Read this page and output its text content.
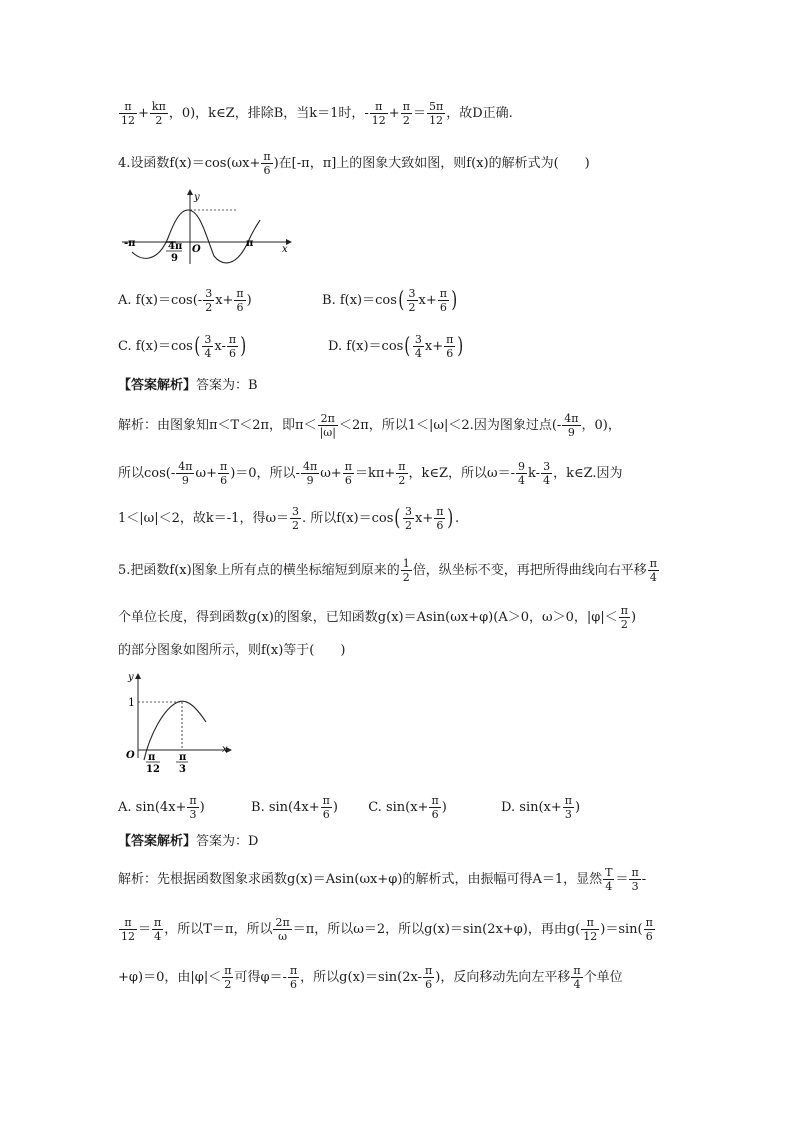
$\frac{\pi}{12} + \frac{k\pi}{2}$ ，0)，k∈Z，排除B，当k＝1时，- $\frac{\pi}{12} + \frac{\pi}{2} = \frac{5\pi}{12}$ ，故D正确.
4.设函数$f(x)=\cos(\omega x+ \frac{\pi}{6}$ )在[-π，π]上的图象大致如图，则f(x)的解析式为(　　)
y
x
O
-π	π
4π
9
A. $f(x)=\cos(- \frac{3}{2} x+ \frac{\pi}{6}$ )	B. $f(x)=\cos( \frac{3}{2} x+ \frac{\pi}{6}$ )
C. $f(x)=\cos( \frac{3}{4} x- \frac{\pi}{6}$ )	D. $f(x)=\cos( \frac{3}{4} x+ \frac{\pi}{6}$ )
【答案解析】答案为：B
解析：由图象知π＜T＜2π，即$\pi< \frac{2\pi}{|\omega|} <2\pi$，所以1＜|ω|＜2.因为图象过点(- $\frac{4\pi}{9}$ ，0)，
所以$\cos(- \frac{4\pi}{9} \omega+ \frac{\pi}{6} )=0$，所以- $\frac{4\pi}{9} \omega+ \frac{\pi}{6} =k\pi+ \frac{\pi}{2}$ ，k∈Z，所以$\omega=- \frac{9}{4} k- \frac{3}{4}$ ，k∈Z.因为
1＜|ω|＜2，故k＝-1，得$\omega= \frac{3}{2}$ . 所以$f(x)=\cos( \frac{3}{2} x+ \frac{\pi}{6}$ ).
5.把函数f(x)图象上所有点的横坐标缩短到原来的 $\frac{1}{2}$ 倍，纵坐标不变，再把所得曲线向右平移 $\frac{\pi}{4}$
个单位长度，得到函数g(x)的图象，已知函数g(x)＝Asin(ωx+φ)(A＞0，ω＞0，$|\varphi|< \frac{\pi}{2}$ )
的部分图象如图所示，则f(x)等于(　　)
y
x
1
O π
12
π
3
A. $\sin(4x+ \frac{\pi}{3}$ )	B. $\sin(4x+ \frac{\pi}{6}$ ) C. $\sin(x+ \frac{\pi}{6}$ )	D. $\sin(x+ \frac{\pi}{3}$ )
【答案解析】答案为：D
解析：先根据函数图象求函数g(x)＝Asin(ωx+φ)的解析式，由振幅可得A＝1，显然 $\frac{T}{4} = \frac{\pi}{3}$ -
$\frac{\pi}{12} = \frac{\pi}{4}$ ，所以T＝π，所以 $\frac{2\pi}{\omega} =\pi$，所以ω＝2，所以g(x)＝sin(2x+φ)，再由$g( \frac{\pi}{12} )=\sin( \frac{\pi}{6}$
+φ)＝0，由$|\varphi|< \frac{\pi}{2}$ 可得$\varphi=- \frac{\pi}{6}$ ，所以$g(x)=\sin(2x- \frac{\pi}{6}$ )，反向移动先向左平移 $\frac{\pi}{4}$ 个单位
